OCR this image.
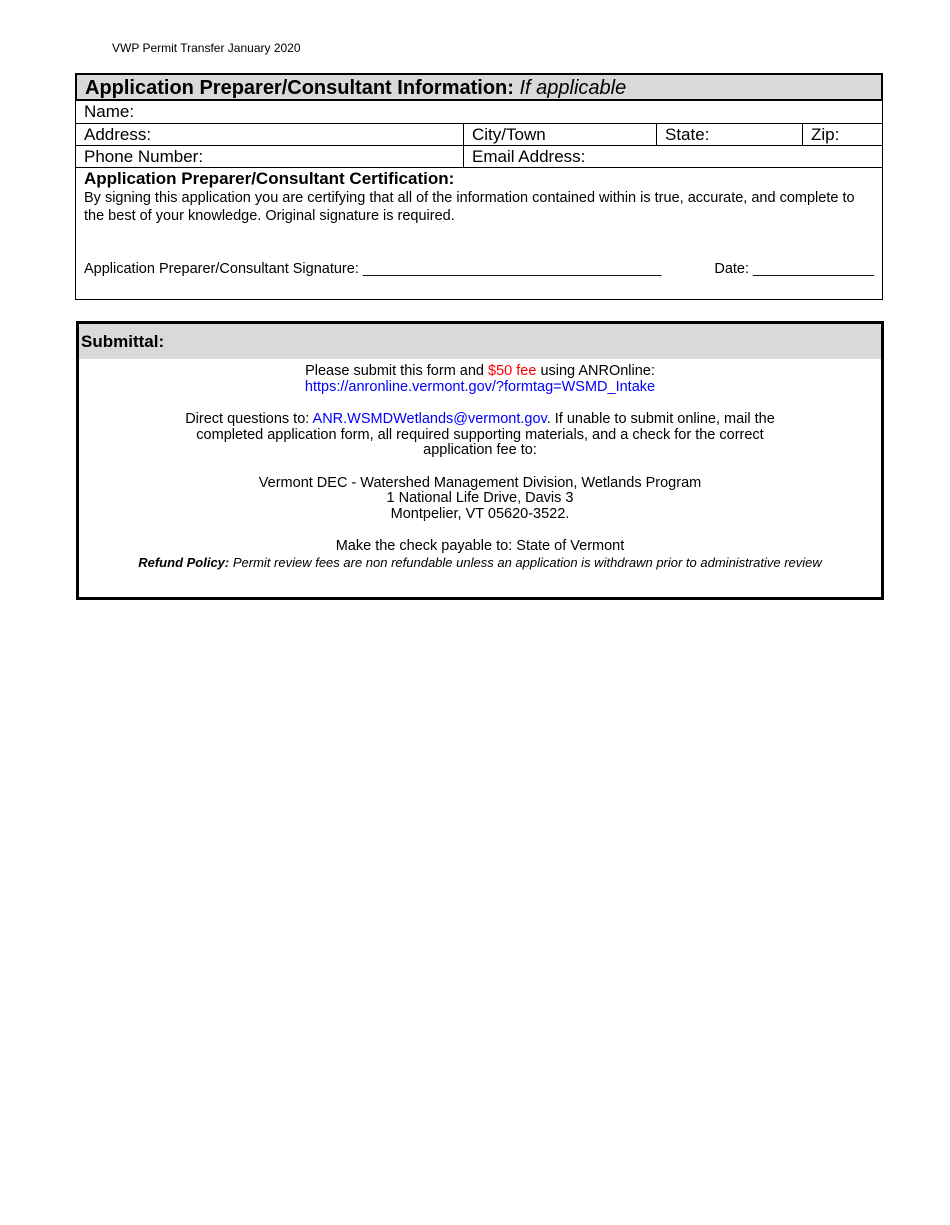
VWP Permit Transfer January 2020
Application Preparer/Consultant Information: If applicable
Name:
Address:	City/Town	State:	Zip:
Phone Number:	Email Address:
Application Preparer/Consultant Certification:
By signing this application you are certifying that all of the information contained within is true, accurate, and complete to the best of your knowledge. Original signature is required.
Application Preparer/Consultant Signature: _____________________________________	Date: _______________
Submittal:

Please submit this form and $50 fee using ANROnline:

https://anronline.vermont.gov/?formtag=WSMD_Intake

Direct questions to: ANR.WSMDWetlands@vermont.gov. If unable to submit online, mail the

completed application form, all required supporting materials, and a check for the correct

application fee to:

Vermont DEC - Watershed Management Division, Wetlands Program

1 National Life Drive, Davis 3

Montpelier, VT 05620-3522.

Make the check payable to: State of Vermont

Refund Policy: Permit review fees are non refundable unless an application is withdrawn prior to administrative review
